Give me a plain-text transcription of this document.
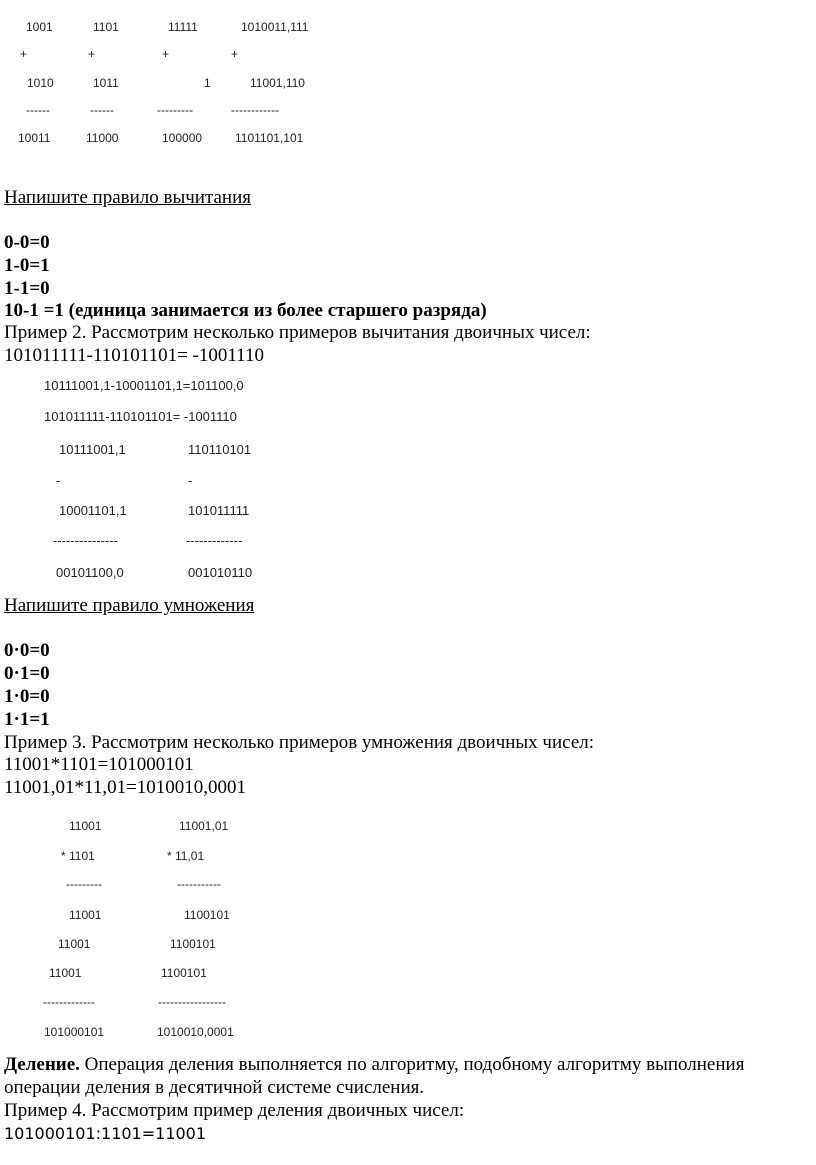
1001	1101	11111	1010011,111
+	+	+	+
1010	1011	1	11001,110
------	------	---------	------------
10011	11000	100000	1101101,101
Напишите правило вычитания
0-0=0
1-0=1
1-1=0
10-1 =1 (единица занимается из более старшего разряда)
Пример 2. Рассмотрим несколько примеров вычитания двоичных чисел:
101011111-110101101= -1001110
10111001,1-10001101,1=101100,0
101011111-110101101= -1001110
10111001,1	110110101
-	-
10001101,1	101011111
---------------	-------------
00101100,0	001010110
Напишите правило умножения
0·0=0
0·1=0
1·0=0
1·1=1
Пример 3. Рассмотрим несколько примеров умножения двоичных чисел:
11001*1101=101000101
11001,01*11,01=1010010,0001
11001	11001,01
* 1101	* 11,01
---------	-----------
11001	1100101
11001	1100101
11001	1100101
-------------	-----------------
101000101	1010010,0001
Деление. Операция деления выполняется по алгоритму, подобному алгоритму выполнения
операции деления в десятичной системе счисления.
Пример 4. Рассмотрим пример деления двоичных чисел:
101000101:1101=11001
